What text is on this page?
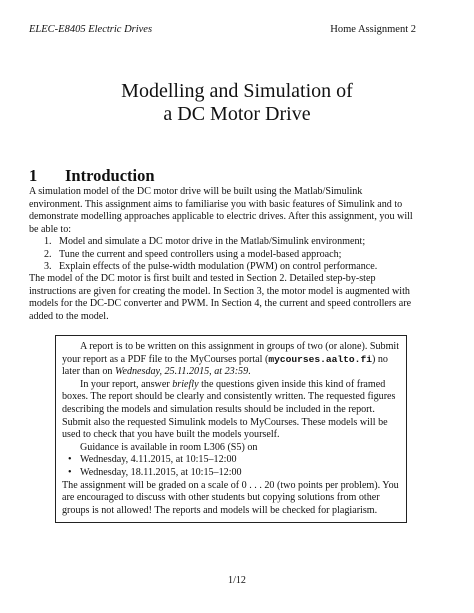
ELEC-E8405 Electric Drives	Home Assignment 2
Modelling and Simulation of
a DC Motor Drive
1 Introduction
A simulation model of the DC motor drive will be built using the Matlab/Simulink environment. This assignment aims to familiarise you with basic features of Simulink and to demonstrate modelling approaches applicable to electric drives. After this assignment, you will be able to:
1. Model and simulate a DC motor drive in the Matlab/Simulink environment;
2. Tune the current and speed controllers using a model-based approach;
3. Explain effects of the pulse-width modulation (PWM) on control performance.
The model of the DC motor is first built and tested in Section 2. Detailed step-by-step instructions are given for creating the model. In Section 3, the motor model is augmented with models for the DC-DC converter and PWM. In Section 4, the current and speed controllers are added to the model.
A report is to be written on this assignment in groups of two (or alone). Submit your report as a PDF file to the MyCourses portal (mycourses.aalto.fi) no later than on Wednesday, 25.11.2015, at 23:59.
In your report, answer briefly the questions given inside this kind of framed boxes. The report should be clearly and consistently written. The requested figures describing the models and simulation results should be included in the report. Submit also the requested Simulink models to MyCourses. These models will be used to check that you have built the models yourself.
Guidance is available in room L306 (S5) on
• Wednesday, 4.11.2015, at 10:15–12:00
• Wednesday, 18.11.2015, at 10:15–12:00
The assignment will be graded on a scale of 0 . . . 20 (two points per problem). You are encouraged to discuss with other students but copying solutions from other groups is not allowed! The reports and models will be checked for plagiarism.
1/12
